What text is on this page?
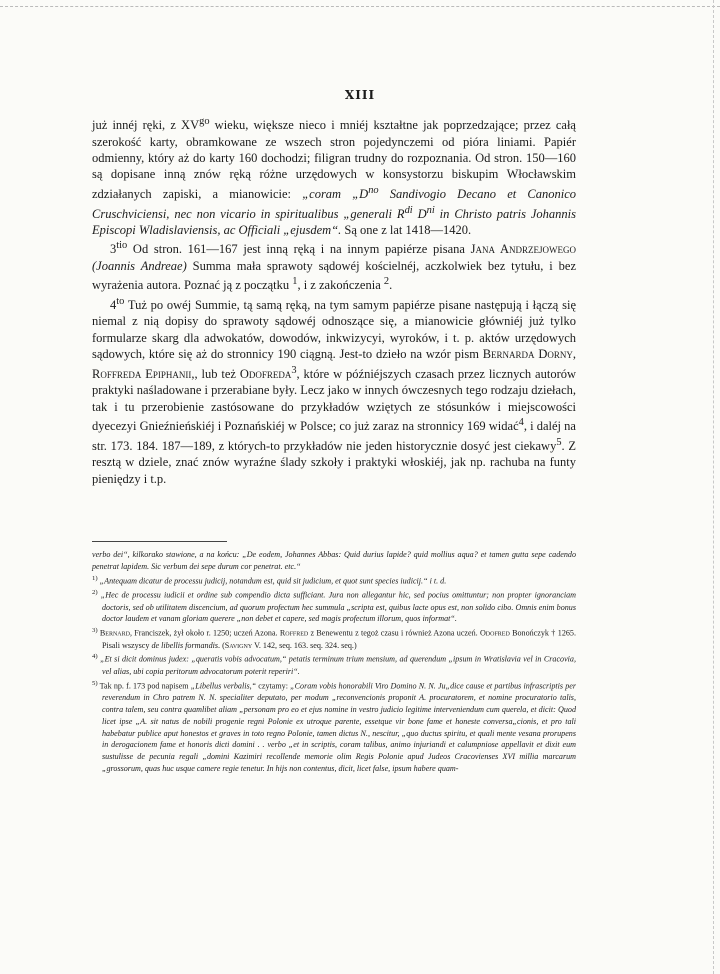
XIII

już innéj ręki, z $XV^{go}$ wieku, większe nieco i mniéj kształtne jak poprzedzające; przez całą szerokość karty, obramkowane ze wszech stron pojedynczemi od pióra liniami. Papiér odmienny, który aż do karty 160 dochodzi; filigran trudny do rozpoznania. Od stron. 150—160 są dopisane inną znów ręką różne urzędowych w konsystorzu biskupim Włocławskim zdziałanych zapiski, a mianowicie: „coram $„D^{no}$ Sandivogio Decano et Canonico Cruschviciensi, nec non vicario in spiritualibus „generali $R^{di}$ $D^{ni}$ in Christo patris Johannis Episcopi Wladislaviensis, ac Officiali „ejusdem“. Są one z lat 1418—1420.

$3^{tio}$ Od stron. 161—167 jest inną ręką i na innym papiérze pisana Jana Andrzejowego (Joannis Andreae) Summa mała sprawoty sądowéj kościelnéj, aczkolwiek bez tytułu, i bez wyrażenia autora. Poznać ją z początku $^1$, i z zakończenia $^2$.

$4^{to}$ Tuż po owéj Summie, tą samą ręką, na tym samym papiérze pisane następują i łączą się niemal z nią dopisy do sprawoty sądowéj odnoszące się, a mianowicie główniéj już tylko formularze skarg dla adwokatów, dowodów, inkwizycyi, wyroków, i t. p. aktów urzędowych sądowych, które się aż do stronnicy 190 ciągną. Jest-to dzieło na wzór pism Bernarda Dorny, Roffreda Epiphanii,, lub też Odofreda$^3$, które w późniéjszych czasach przez licznych autorów praktyki naśladowane i przerabiane były. Lecz jako w innych ówczesnych tego rodzaju dziełach, tak i tu przerobienie zastósowane do przykładów wziętych ze stósunków i miejscowości dyecezyi Gnieźnieńskiéj i Poznańskiéj w Polsce; co już zaraz na stronnicy 169 widać$^4$, i daléj na str. 173. 184. 187—189, z których-to przykładów nie jeden historycznie dosyć jest ciekawy$^5$. Z resztą w dziele, znać znów wyraźne ślady szkoły i praktyki włoskiéj, jak np. rachuba na funty pieniędzy i t.p.

verbo dei“, kilkorako stawione, a na końcu: „De eodem, Johannes Abbas: Quid durius lapide? quid mollius aqua? et tamen gutta sepe cadendo penetrat lapidem. Sic verbum dei sepe durum cor penetrat. etc.“

$^{1)}$ „Antequam dicatur de processu judicij, notandum est, quid sit judicium, et quot sunt species iudicij.“ i t. d.

$^{2)}$ „Hec de processu iudicii et ordine sub compendio dicta sufficiant. Jura non allegantur hic, sed pocius omittuntur; non propter ignoranciam doctoris, sed ob utilitatem discencium, ad quorum profectum hec summula „scripta est, quibus lacte opus est, non solido cibo. Omnis enim bonus doctor laudem et vanam gloriam querere „non debet et capere, sed magis profectum illorum, quos informat“.

$^{3)}$ Bernard, Franciszek, żył około r. 1250; uczeń Azona. Roffred z Benewentu z tegoż czasu i również Azona uczeń. Odofred Bonończyk † 1265. Pisali wszyscy de libellis formandis. (Savigny V. 142, seq. 163. seq. 324. seq.)

$^{4)}$ „Et si dicit dominus judex: „queratis vobis advocatum,“ petatis terminum trium mensium, ad querendum „ipsum in Wratislavia vel in Cracovia, vel alias, ubi copia peritorum advocatorum poterit reperiri“.

$^{5)}$ Tak np. f. 173 pod napisem „Libellus verbalis,“ czytamy: „Coram vobis honorabili Viro Domino N. N. Ju„dice cause et partibus infrascriptis per reverendum in Chro patrem N. N. specialiter deputato, per modum „reconvencionis proponit A. procuratorem, et nomine procuratorio talis, contra talem, seu contra quamlibet aliam „personam pro eo et ejus nomine in vestro judicio legitime interveniendum cum querela, et dicit: Quod licet ipse „A. sit natus de nobili progenie regni Polonie ex utroque parente, essetque vir bone fame et honeste conversa„cionis, et pro tali habebatur publice aput honestos et graves in toto regno Polonie, tamen dictus N., nescitur, „quo ductus spiritu, et quali mente vesana prorupens in derogacionem fame et honoris dicti domini . . verbo „et in scriptis, coram talibus, animo injuriandi et calumpniose appellavit et dixit eum sustulisse de pecunia regali „domini Kazimiri recollende memorie olim Regis Polonie apud Judeos Cracovienses XVI millia marcarum „grossorum, quas huc usque camere regie tenetur. In hijs non contentus, dicit, licet false, ipsum habere quam-
